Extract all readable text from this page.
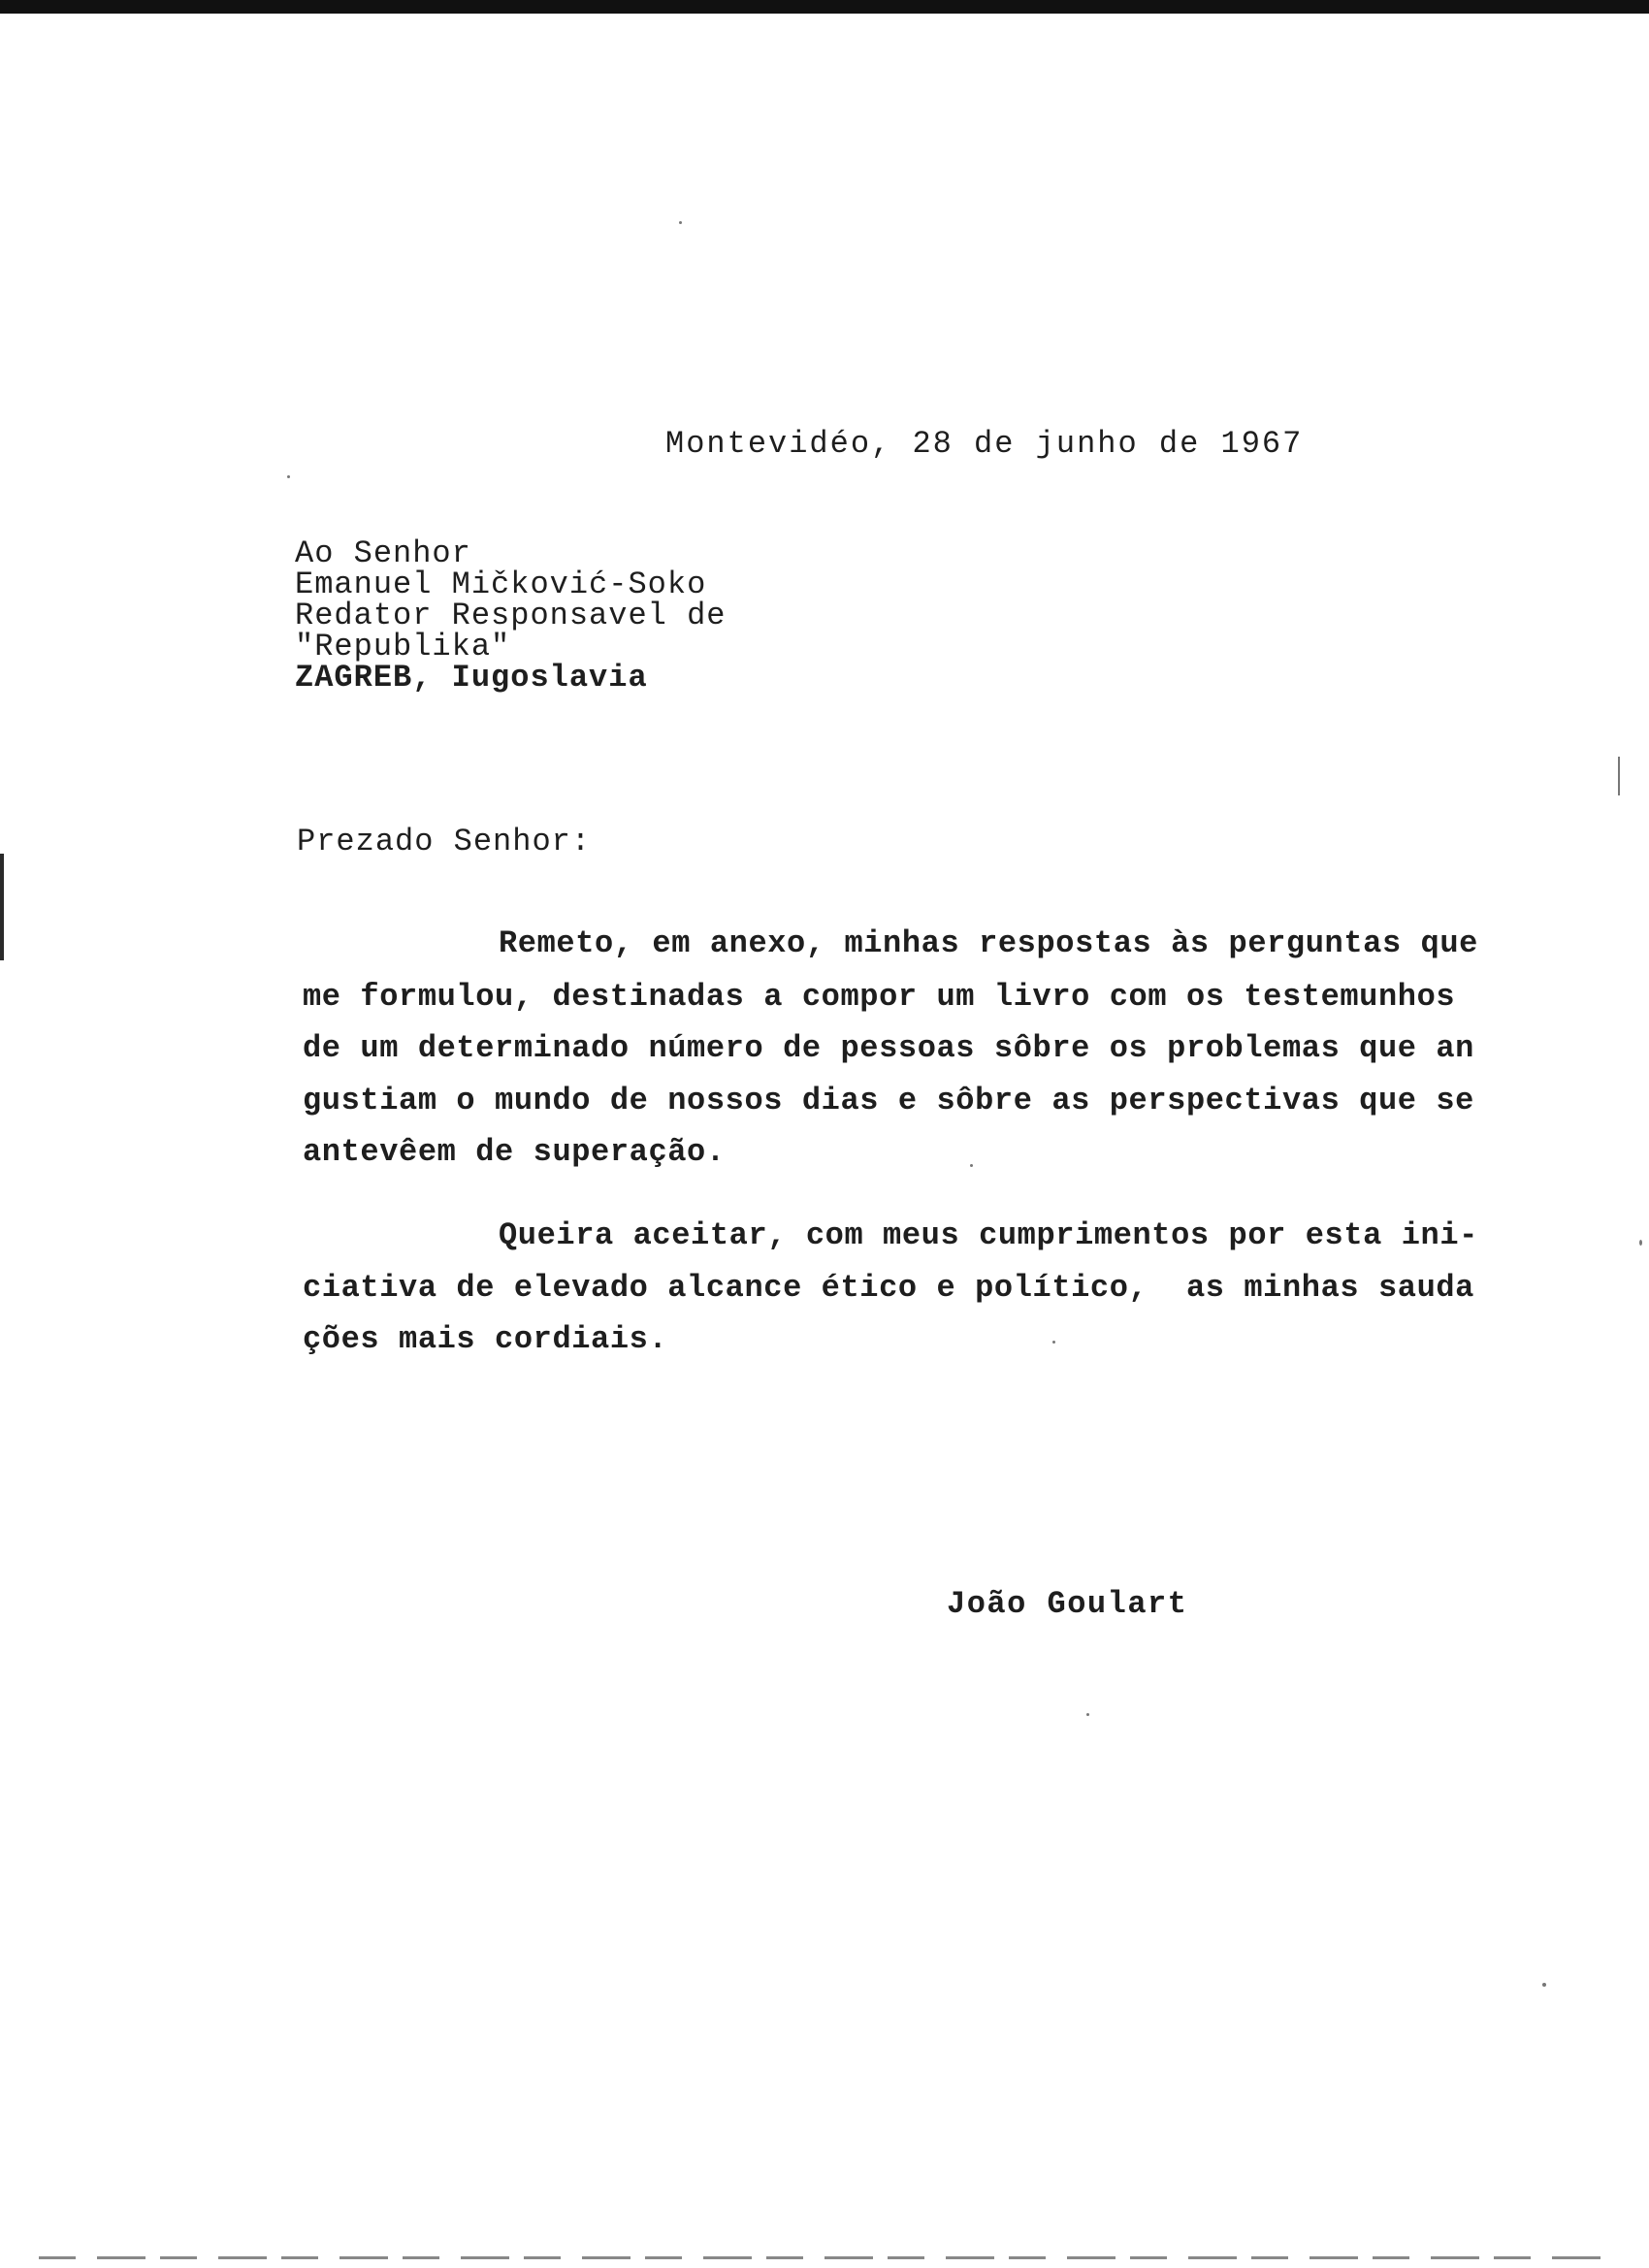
Montevidéo, 28 de junho de 1967
Ao Senhor
Emanuel Mičković-Soko
Redator Responsavel de
"Republika"
ZAGREB, Iugoslavia
Prezado Senhor:
Remeto, em anexo, minhas respostas às perguntas que
me formulou, destinadas a compor um livro com os testemunhos
de um determinado número de pessoas sôbre os problemas que an
gustiam o mundo de nossos dias e sôbre as perspectivas que se
antevêem de superação.
Queira aceitar, com meus cumprimentos por esta ini-
ciativa de elevado alcance ético e político,  as minhas sauda
ções mais cordiais.
João Goulart
